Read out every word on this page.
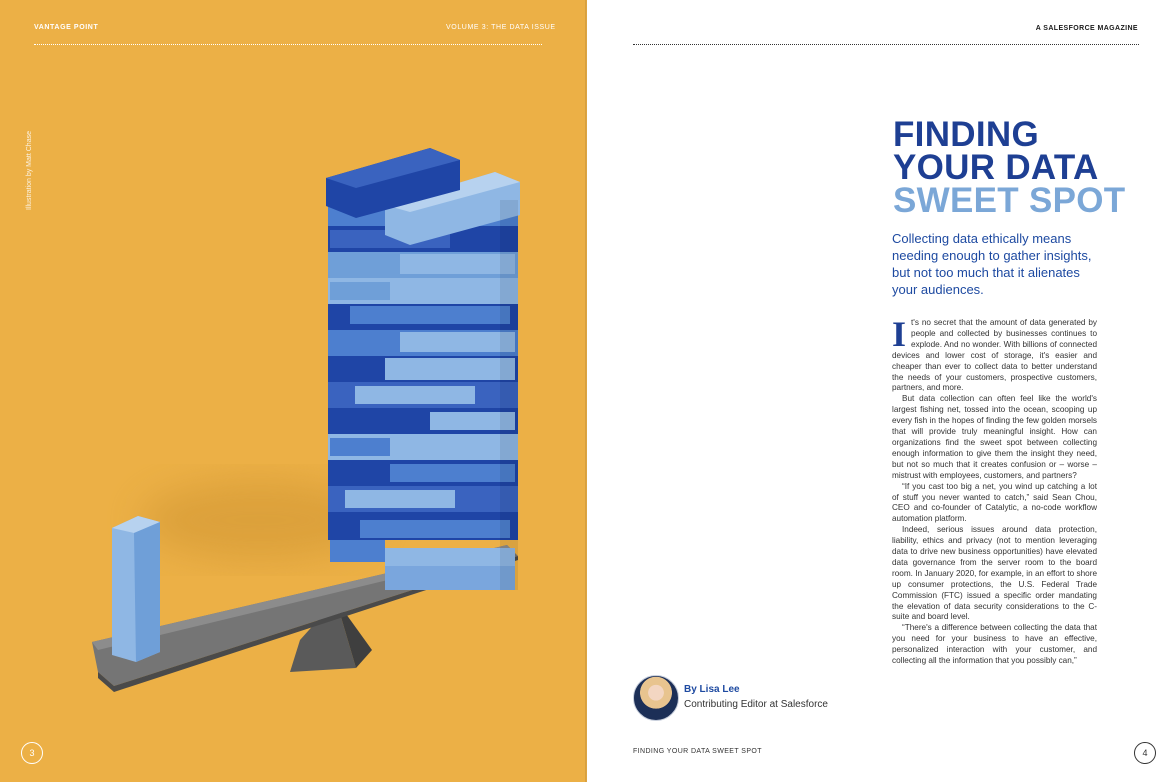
VANTAGE POINT	VOLUME 3: THE DATA ISSUE
Illustration by Matt Chase
3
A SALESFORCE MAGAZINE
FINDING
YOUR DATA
SWEET SPOT
Collecting data ethically means needing enough to gather insights, but not too much that it alienates your audiences.

It's no secret that the amount of data generated by people and collected by businesses continues to explode. And no wonder. With billions of connected devices and lower cost of storage, it's easier and cheaper than ever to collect data to better understand the needs of your customers, prospective customers, partners, and more.

But data collection can often feel like the world's largest fishing net, tossed into the ocean, scooping up every fish in the hopes of finding the few golden morsels that will provide truly meaningful insight. How can organizations find the sweet spot between collecting enough information to give them the insight they need, but not so much that it creates confusion or – worse – mistrust with employees, customers, and partners?

“If you cast too big a net, you wind up catching a lot of stuff you never wanted to catch,” said Sean Chou, CEO and co-founder of Catalytic, a no-code workflow automation platform.

Indeed, serious issues around data protection, liability, ethics and privacy (not to mention leveraging data to drive new business opportunities) have elevated data governance from the server room to the board room. In January 2020, for example, in an effort to shore up consumer protections, the U.S. Federal Trade Commission (FTC) issued a specific order mandating the elevation of data security considerations to the C-suite and board level.

“There's a difference between collecting the data that you need for your business to have an effective, personalized interaction with your customer, and collecting all the information that you possibly can,”

By Lisa Lee
Contributing Editor at Salesforce
FINDING YOUR DATA SWEET SPOT	4
